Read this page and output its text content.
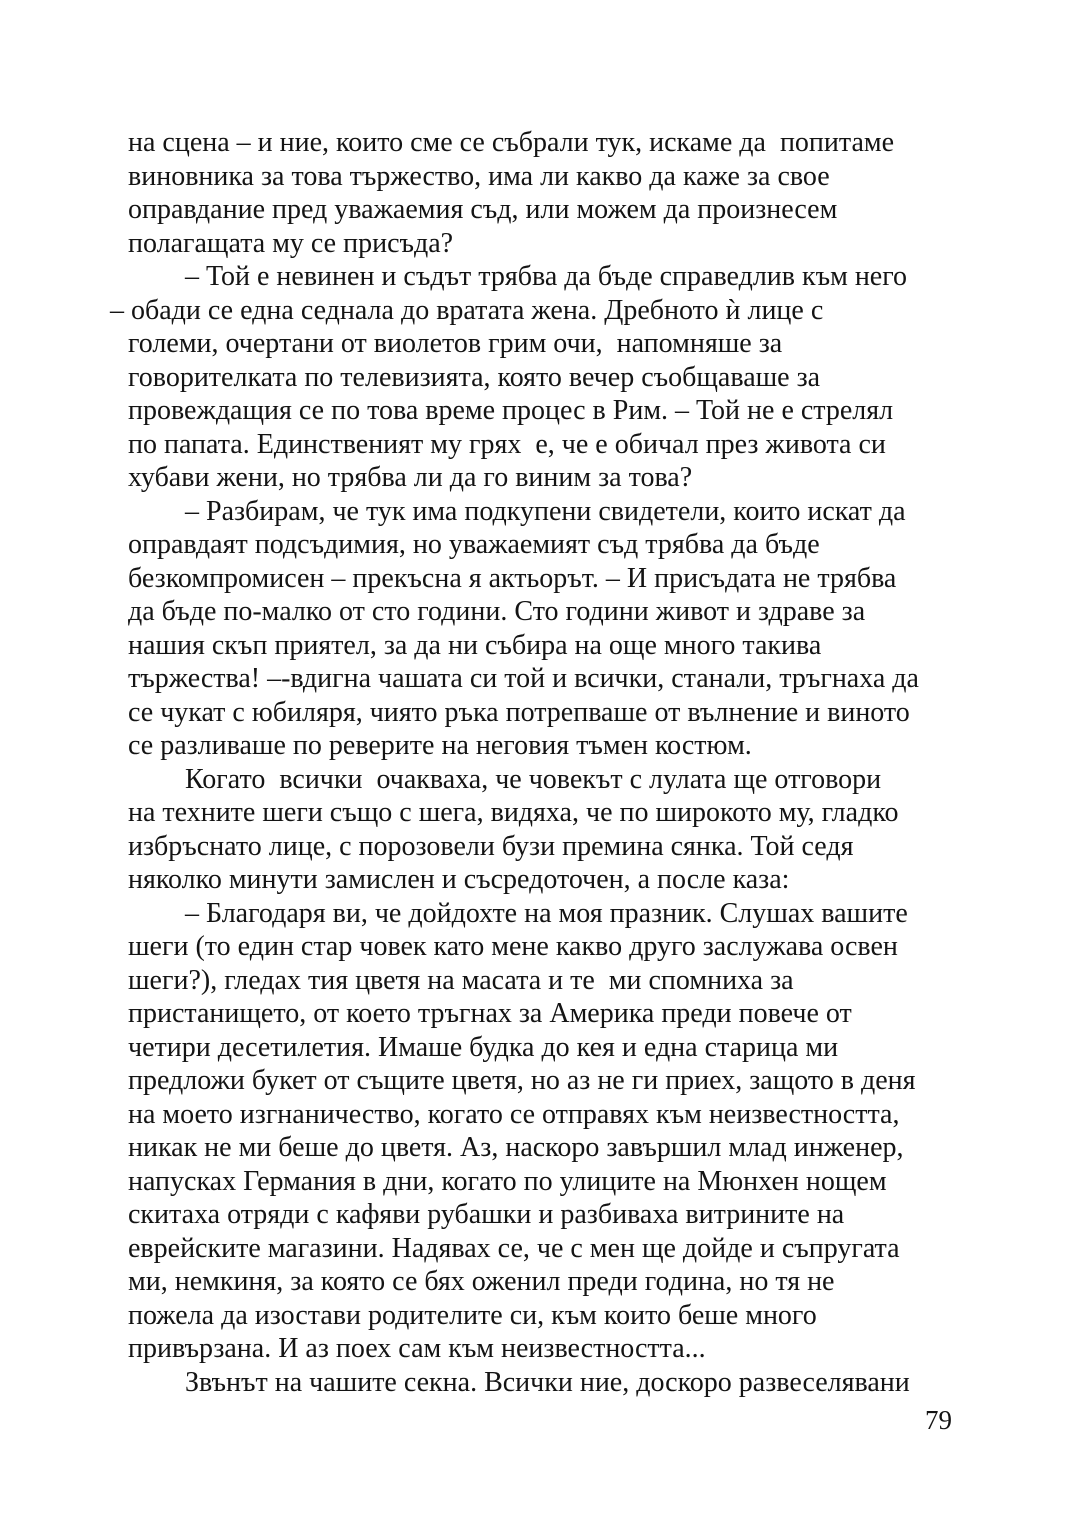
на сцена – и ние, които сме се събрали тук, искаме да  попитаме
виновника за това тържество, има ли какво да каже за свое
оправдание пред уважаемия съд, или можем да произнесем
полагащата му се присъда?
– Той е невинен и съдът трябва да бъде справедлив към него
– обади се една седнала до вратата жена. Дребното ѝ лице с
големи, очертани от виолетов грим очи,  напомняше за
говорителката по телевизията, която вечер съобщаваше за
провеждащия се по това време процес в Рим. – Той не е стрелял
по папата. Единственият му грях  е, че е обичал през живота си
хубави жени, но трябва ли да го виним за това?
– Разбирам, че тук има подкупени свидетели, които искат да
оправдаят подсъдимия, но уважаемият съд трябва да бъде
безкомпромисен – прекъсна я актьорът. – И присъдата не трябва
да бъде по-малко от сто години. Сто години живот и здраве за
нашия скъп приятел, за да ни събира на още много такива
тържества! –-вдигна чашата си той и всички, станали, тръгнаха да
се чукат с юбиляря, чиято ръка потрепваше от вълнение и виното
се разливаше по реверите на неговия тъмен костюм.
Когато  всички  очакваха, че човекът с лулата ще отговори
на техните шеги също с шега, видяха, че по широкото му, гладко
избръснато лице, с порозовели бузи премина сянка. Той седя
няколко минути замислен и съсредоточен, а после каза:
– Благодаря ви, че дойдохте на моя празник. Слушах вашите
шеги (то един стар човек като мене какво друго заслужава освен
шеги?), гледах тия цветя на масата и те  ми спомниха за
пристанището, от което тръгнах за Америка преди повече от
четири десетилетия. Имаше будка до кея и една старица ми
предложи букет от същите цветя, но аз не ги приех, защото в деня
на моето изгнаничество, когато се отправях към неизвестността,
никак не ми беше до цветя. Аз, наскоро завършил млад инженер,
напусках Германия в дни, когато по улиците на Мюнхен нощем
скитаха отряди с кафяви рубашки и разбиваха витрините на
еврейските магазини. Надявах се, че с мен ще дойде и съпругата
ми, немкиня, за която се бях оженил преди година, но тя не
пожела да изостави родителите си, към които беше много
привързана. И аз поех сам към неизвестността...
Звънът на чашите секна. Всички ние, доскоро развеселявани
79
